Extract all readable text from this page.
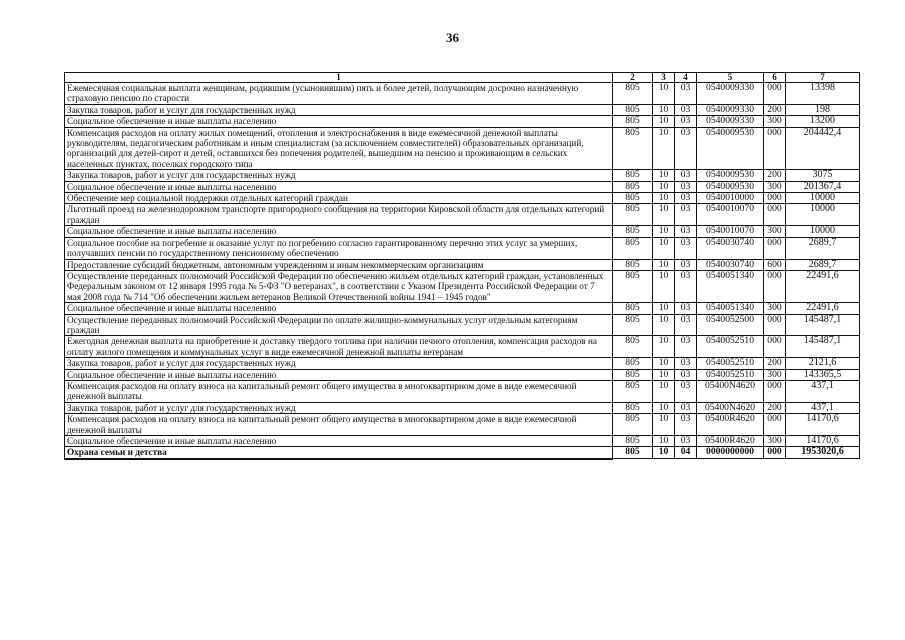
36
1	2	3	4	5	6	7
Ежемесячная социальная выплата женщинам, родившим (усыновившим) пять и более детей, получающим досрочно назначенную страховую пенсию по старости	805	10	03	0540009330	000	13398
Закупка товаров, работ и услуг для государственных нужд	805	10	03	0540009330	200	198
Социальное обеспечение и иные выплаты населению	805	10	03	0540009330	300	13200
Компенсация расходов на оплату жилых помещений, отопления и электроснабжения в виде ежемесячной денежной выплаты руководителям, педагогическим работникам и иным специалистам (за исключением совместителей) образовательных организаций, организаций для детей-сирот и детей, оставшихся без попечения родителей, вышедшим на пенсию и проживающим в сельских населенных пунктах, поселках городского типа	805	10	03	0540009530	000	204442,4
Закупка товаров, работ и услуг для государственных нужд	805	10	03	0540009530	200	3075
Социальное обеспечение и иные выплаты населению	805	10	03	0540009530	300	201367,4
Обеспечение мер социальной поддержки отдельных категорий граждан	805	10	03	0540010000	000	10000
Льготный проезд на железнодорожном транспорте пригородного сообщения на территории Кировской области для отдельных категорий граждан	805	10	03	0540010070	000	10000
Социальное обеспечение и иные выплаты населению	805	10	03	0540010070	300	10000
Социальное пособие на погребение и оказание услуг по погребению согласно гарантированному перечню этих услуг за умерших, получавших пенсии по государственному пенсионному обеспечению	805	10	03	0540030740	000	2689,7
Предоставление субсидий бюджетным, автономным учреждениям и иным некоммерческим организациям	805	10	03	0540030740	600	2689,7
Осуществление переданных полномочий Российской Федерации по обеспечению жильем отдельных категорий граждан, установленных Федеральным законом от 12 января 1995 года № 5-ФЗ "О ветеранах", в соответствии с Указом Президента Российской Федерации от 7 мая 2008 года № 714 "Об обеспечении жильем ветеранов Великой Отечественной войны 1941 – 1945 годов"	805	10	03	0540051340	000	22491,6
Социальное обеспечение и иные выплаты населению	805	10	03	0540051340	300	22491,6
Осуществление переданных полномочий Российской Федерации по оплате жилищно-коммунальных услуг отдельным категориям граждан	805	10	03	0540052500	000	145487,1
Ежегодная денежная выплата на приобретение и доставку твердого топлива при наличии печного отопления, компенсация расходов на оплату жилого помещения и коммунальных услуг в виде ежемесячной денежной выплаты ветеранам	805	10	03	0540052510	000	145487,1
Закупка товаров, работ и услуг для государственных нужд	805	10	03	0540052510	200	2121,6
Социальное обеспечение и иные выплаты населению	805	10	03	0540052510	300	143365,5
Компенсация расходов на оплату взноса на капитальный ремонт общего имущества в многоквартирном доме в виде ежемесячной денежной выплаты	805	10	03	05400N4620	000	437,1
Закупка товаров, работ и услуг для государственных нужд	805	10	03	05400N4620	200	437,1
Компенсация расходов на оплату взноса на капитальный ремонт общего имущества в многоквартирном доме в виде ежемесячной денежной выплаты	805	10	03	05400R4620	000	14170,6
Социальное обеспечение и иные выплаты населению	805	10	03	05400R4620	300	14170,6
Охрана семьи и детства	805	10	04	0000000000	000	1953020,6
